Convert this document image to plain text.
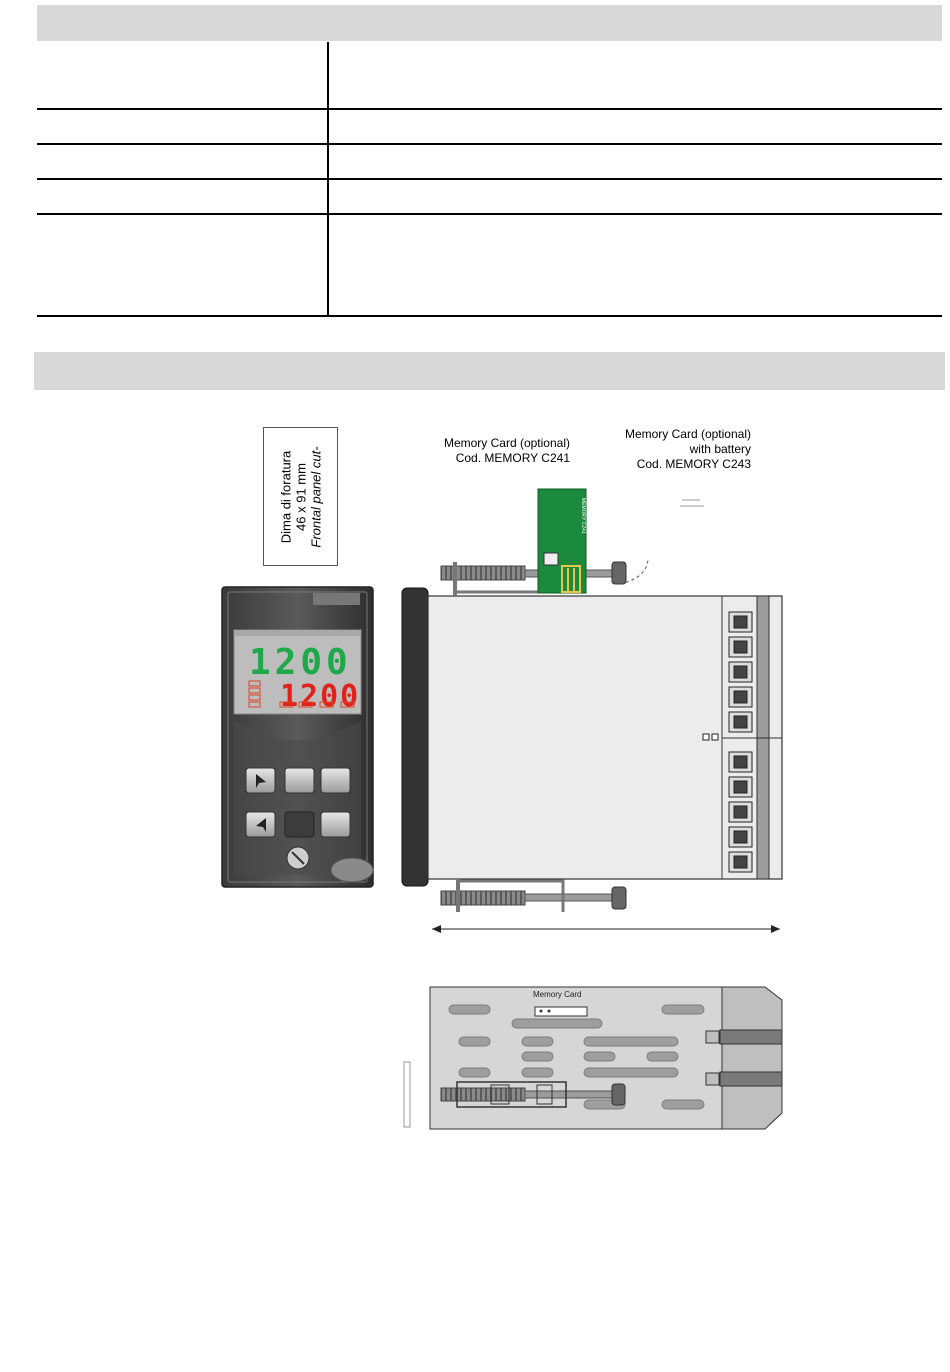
Dima di foratura 46 x 91 mm Frontal panel cut-
Memory Card (optional)
Cod. MEMORY C241
Memory Card (optional)
with battery
Cod. MEMORY C243
1200
1200
MEMORY C241
Memory Card
